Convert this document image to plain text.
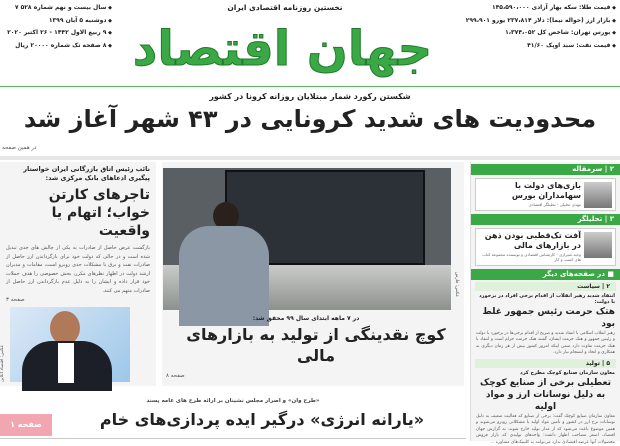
◆ سال بیست و نهم شماره ۵۲۸ ۷
◆ دوشنبه ۵ آبان ۱۳۹۹
◆ ۹ ربیع الاول ۱۴۴۲ - ۲۶ اکتبر ۲۰۲۰
◆ ۸ صفحه تک شماره ۲۰۰۰۰ ریال
نخستین روزنامه اقتصادی ایران
جهان اقتصاد
◆ قیمت طلا: سکه بهار آزادی ۱۴۵،۵۹۰،۰۰۰
◆ بازار ارز (حواله نیما): دلار ۲۳۷،۸۱۴ یورو ۲۹۹،۹۰۱
◆ بورس تهران: شاخص کل ۱،۳۷۴،۰۵۲
◆ قیمت نفت: سبد اوپک ۴۱/۶۰
شکستن رکورد شمار مبتلایان روزانه کرونا در کشور
محدودیت های شدید کرونایی در ۴۳ شهر آغاز شد
در همین صفحه
نائب رئیس اتاق بازرگانی ایران خواستار پیگیری ادعاهای بانک مرکزی شد:
تاجرهای کارتن خواب؛ اتهام یا واقعیت
بازگشت عرض حاصل از صادرات به یکی از چالش های جدی تبدیل شده است و در حالی که دولت خود برای بازگرداندن ارز حاصل از صادرات نفت و برق با مشکلات جدی روبرو است، مقامات و مدیران ارشد دولت در اظهار نظرهای مکرر، بخش خصوصی را هدف حملات خود قرار داده و ایشان را به دلیل عدم بازگرداندن ارز حاصل از صادرات متهم می کنند.
صفحه ۳
عکس: اقتصاد آنلاین
عکس: فارس
در ۷ ماهه ابتدای سال ۹۹ محقق شد:
کوچ نقدینگی از تولید به بازارهای مالی
صفحه ۸
«طرح وان» و اصرار مجلس نشینان بر ارائه طرح های عامه پسند
«یارانه انرژی» درگیر ایده پردازی‌های خام
صفحه ۱
۲ | سرمقاله
بازی‌های دولت با سهامداران بورس
مهدی تحلیلی - تحلیلگر اقتصادی
۳ | تحلیلگر
آفت تک‌قطبی بودن ذهن در بازارهای مالی
وحید شیرازی - کارشناس اقتصادی و نویسنده مجموعه کتاب های کسب و کار
■ در صفحه‌های دیگر
۲ | سیاست
انتقاد شدید رهبر انقلاب از اقدام برخی افراد در برخورد با دولت:
هتک حرمت رئیس جمهور غلط بود
رهبر انقلاب اسلامی با انتقاد شدید و صریح از اقدام برخی‌ها در برخورد با دولت و رئیس جمهور و هتک حرمت ایشان، گفتند هتک حرمت حرام است و انتقاد با هتک حرمت تفاوت دارد ضمن اینکه امروز کشور بیش از هر زمان دیگری به همکاری و اتحاد و انسجام نیاز دارد.
۵ | تولید
معاون سازمان صنایع کوچک مطرح کرد
تعطیلی برخی از صنایع کوچک به دلیل نوسانات ارز و مواد اولیه
معاون سازمان صنایع کوچک گفت: برخی از صنایع که فعالیت ضعیف به دلیل نوسانات نرخ ارز در کشور و تأمین مواد اولیه با مشکلاتی روبرو می‌شوند و همین موضوع باعث می‌شود که از مدار تولید خارج شوند. به گزارش جهان اقتصاد، اصغر مصاحب اظهار داشت: واحدهای تولیدی که بازار فروش محصولات آنها عرضه اقتصادی ندارد می‌توانند به کلینیک‌های مشاوره ...
